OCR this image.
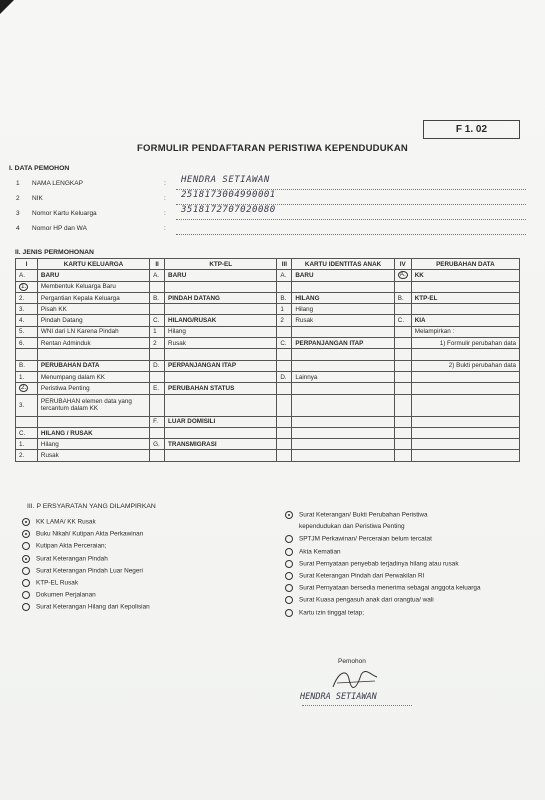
F 1. 02
FORMULIR PENDAFTARAN PERISTIWA KEPENDUDUKAN
I. DATA PEMOHON
1 NAMA LENGKAP	: HENDRA SETIAWAN
2 NIK	: 2518173004990001
3 Nomor Kartu Keluarga	: 3518172707020080
4 Nomor HP dan WA	:
II. JENIS PERMOHONAN
I	KARTU KELUARGA	II	KTP-EL	III	KARTU IDENTITAS ANAK	IV	PERUBAHAN DATA
A.	BARU	A.	BARU	A.	BARU	A.	KK
1.	Membentuk Keluarga Baru						
2.	Pergantian Kepala Keluarga	B.	PINDAH DATANG	B.	HILANG	B.	KTP-EL
3.	Pisah KK			1	Hilang		
4.	Pindah Datang	C.	HILANG/RUSAK	2	Rusak	C.	KIA
5.	WNI dari LN Karena Pindah	1	Hilang				Melampirkan :
6.	Rentan Adminduk	2	Rusak	C.	PERPANJANGAN ITAP		1) Formulir perubahan data

B.	PERUBAHAN DATA	D.	PERPANJANGAN ITAP				2) Bukti perubahan data
1.	Menumpang dalam KK			D.	Lainnya		
2.	Peristiwa Penting	E.	PERUBAHAN STATUS				
3.	PERUBAHAN elemen data yang tercantum dalam KK						
		F.	LUAR DOMISILI				
C.	HILANG / RUSAK						
1.	Hilang	G.	TRANSMIGRASI				
2.	Rusak						
III. P ERSYARATAN YANG DILAMPIRKAN
KK LAMA/ KK Rusak
Buku Nikah/ Kutipan Akta Perkawinan
Kutipan Akta Perceraian;
Surat Keterangan Pindah
Surat Keterangan Pindah Luar Negeri
KTP-EL Rusak
Dokumen Perjalanan
Surat Keterangan Hilang dari Kepolisian
Surat Keterangan/ Bukti Perubahan Peristiwa
kependudukan dan Peristiwa Penting
SPTJM Perkawinan/ Perceraian belum tercatat
Akta Kematian
Surat Pernyataan penyebab terjadinya hilang atau rusak
Surat Keterangan Pindah dari Perwakilan RI
Surat Pernyataan bersedia menerima sebagai anggota keluarga
Surat Kuasa pengasuh anak dari orangtua/ wali
Kartu izin tinggal tetap;
Pemohon
HENDRA SETIAWAN
